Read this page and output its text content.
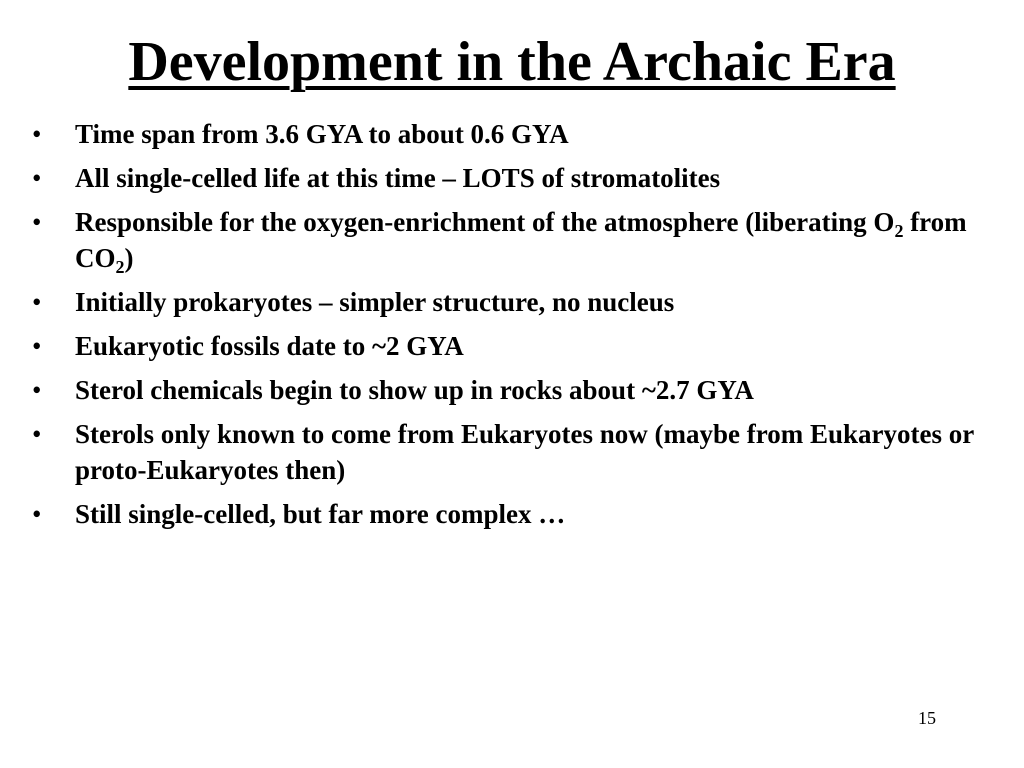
Development in the Archaic Era
• Time span from 3.6 GYA to about 0.6 GYA
• All single-celled life at this time – LOTS of stromatolites
• Responsible for the oxygen-enrichment of the atmosphere (liberating $O_2$ from $CO_2$)
• Initially prokaryotes – simpler structure, no nucleus
• Eukaryotic fossils date to ~2 GYA
• Sterol chemicals begin to show up in rocks about ~2.7 GYA
• Sterols only known to come from Eukaryotes now (maybe from Eukaryotes or proto-Eukaryotes then)
• Still single-celled, but far more complex …
15
